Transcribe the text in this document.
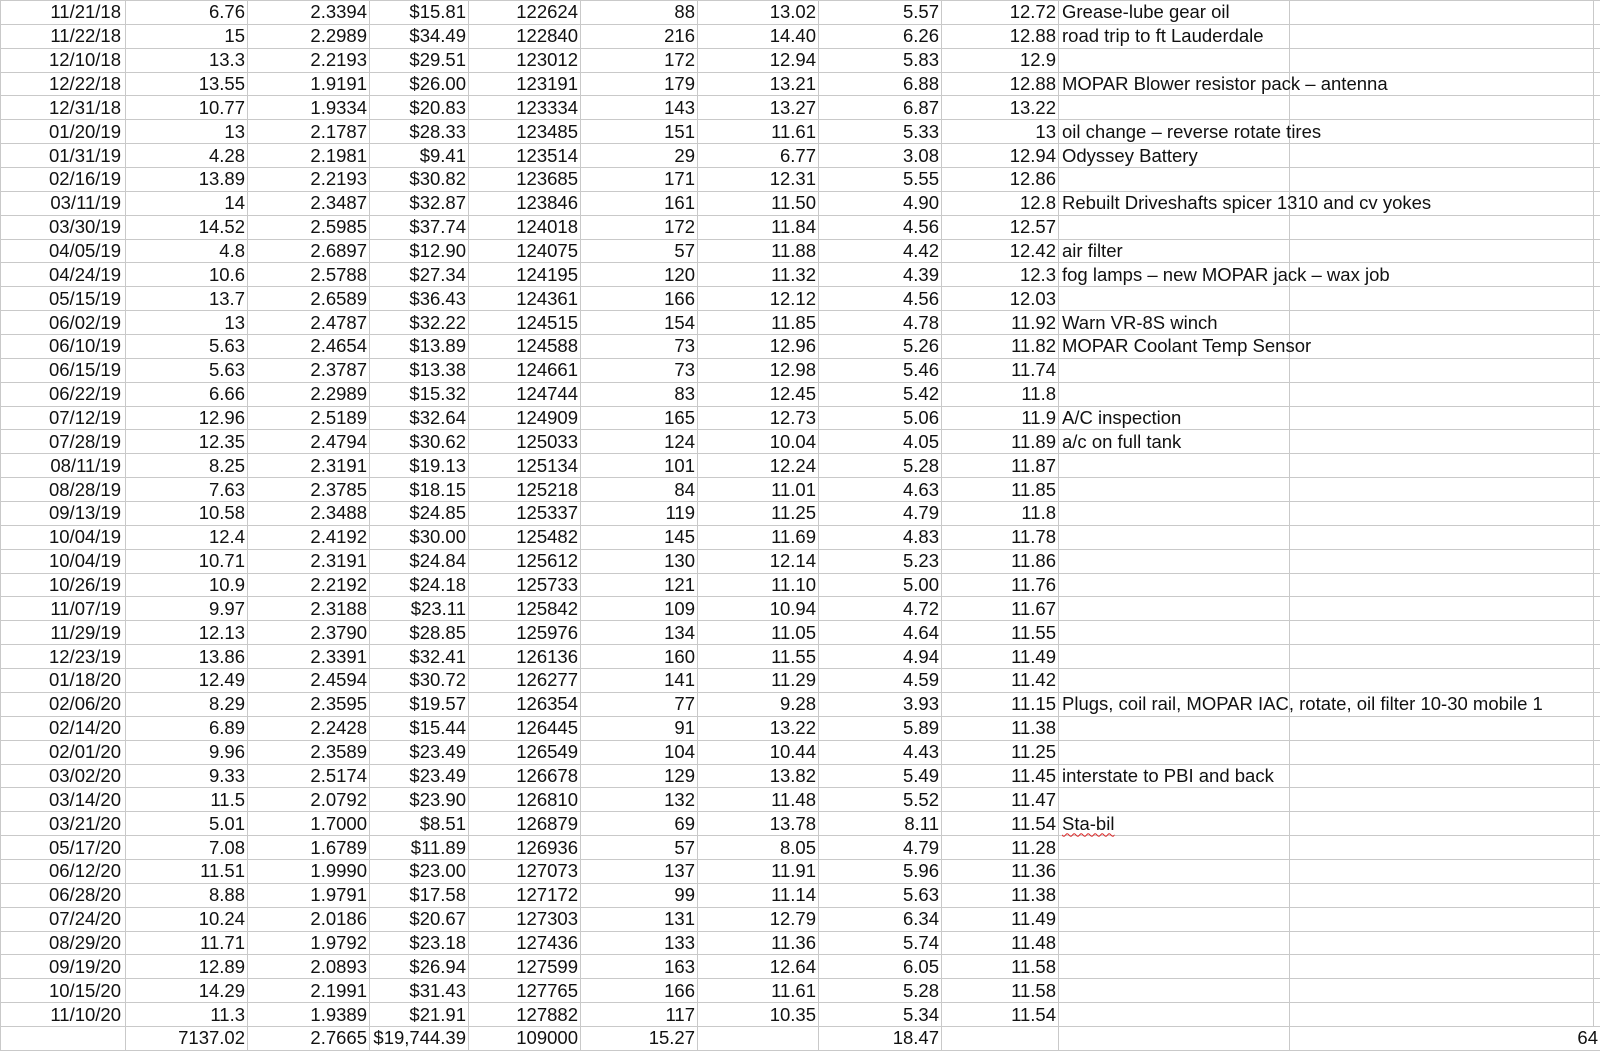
11/21/18	6.76	2.3394	$15.81	122624	88	13.02	5.57	12.72	Grease-lube gear oil		
11/22/18	15	2.2989	$34.49	122840	216	14.40	6.26	12.88	road trip to ft Lauderdale		
12/10/18	13.3	2.2193	$29.51	123012	172	12.94	5.83	12.9			
12/22/18	13.55	1.9191	$26.00	123191	179	13.21	6.88	12.88	MOPAR Blower resistor pack – antenna		
12/31/18	10.77	1.9334	$20.83	123334	143	13.27	6.87	13.22			
01/20/19	13	2.1787	$28.33	123485	151	11.61	5.33	13	oil change – reverse rotate tires		
01/31/19	4.28	2.1981	$9.41	123514	29	6.77	3.08	12.94	Odyssey Battery		
02/16/19	13.89	2.2193	$30.82	123685	171	12.31	5.55	12.86			
03/11/19	14	2.3487	$32.87	123846	161	11.50	4.90	12.8	Rebuilt Driveshafts spicer 1310 and cv yokes		
03/30/19	14.52	2.5985	$37.74	124018	172	11.84	4.56	12.57			
04/05/19	4.8	2.6897	$12.90	124075	57	11.88	4.42	12.42	air filter		
04/24/19	10.6	2.5788	$27.34	124195	120	11.32	4.39	12.3	fog lamps – new MOPAR jack – wax job		
05/15/19	13.7	2.6589	$36.43	124361	166	12.12	4.56	12.03			
06/02/19	13	2.4787	$32.22	124515	154	11.85	4.78	11.92	Warn VR-8S winch		
06/10/19	5.63	2.4654	$13.89	124588	73	12.96	5.26	11.82	MOPAR Coolant Temp Sensor		
06/15/19	5.63	2.3787	$13.38	124661	73	12.98	5.46	11.74			
06/22/19	6.66	2.2989	$15.32	124744	83	12.45	5.42	11.8			
07/12/19	12.96	2.5189	$32.64	124909	165	12.73	5.06	11.9	A/C inspection		
07/28/19	12.35	2.4794	$30.62	125033	124	10.04	4.05	11.89	a/c on full tank		
08/11/19	8.25	2.3191	$19.13	125134	101	12.24	5.28	11.87			
08/28/19	7.63	2.3785	$18.15	125218	84	11.01	4.63	11.85			
09/13/19	10.58	2.3488	$24.85	125337	119	11.25	4.79	11.8			
10/04/19	12.4	2.4192	$30.00	125482	145	11.69	4.83	11.78			
10/04/19	10.71	2.3191	$24.84	125612	130	12.14	5.23	11.86			
10/26/19	10.9	2.2192	$24.18	125733	121	11.10	5.00	11.76			
11/07/19	9.97	2.3188	$23.11	125842	109	10.94	4.72	11.67			
11/29/19	12.13	2.3790	$28.85	125976	134	11.05	4.64	11.55			
12/23/19	13.86	2.3391	$32.41	126136	160	11.55	4.94	11.49			
01/18/20	12.49	2.4594	$30.72	126277	141	11.29	4.59	11.42			
02/06/20	8.29	2.3595	$19.57	126354	77	9.28	3.93	11.15	Plugs, coil rail, MOPAR IAC, rotate, oil filter 10-30 mobile 1		
02/14/20	6.89	2.2428	$15.44	126445	91	13.22	5.89	11.38			
02/01/20	9.96	2.3589	$23.49	126549	104	10.44	4.43	11.25			
03/02/20	9.33	2.5174	$23.49	126678	129	13.82	5.49	11.45	interstate to PBI and back		
03/14/20	11.5	2.0792	$23.90	126810	132	11.48	5.52	11.47			
03/21/20	5.01	1.7000	$8.51	126879	69	13.78	8.11	11.54	Sta-bil		
05/17/20	7.08	1.6789	$11.89	126936	57	8.05	4.79	11.28			
06/12/20	11.51	1.9990	$23.00	127073	137	11.91	5.96	11.36			
06/28/20	8.88	1.9791	$17.58	127172	99	11.14	5.63	11.38			
07/24/20	10.24	2.0186	$20.67	127303	131	12.79	6.34	11.49			
08/29/20	11.71	1.9792	$23.18	127436	133	11.36	5.74	11.48			
09/19/20	12.89	2.0893	$26.94	127599	163	12.64	6.05	11.58			
10/15/20	14.29	2.1991	$31.43	127765	166	11.61	5.28	11.58			
11/10/20	11.3	1.9389	$21.91	127882	117	10.35	5.34	11.54			
	7137.02	2.7665	$19,744.39	109000	15.27		18.47			64	
